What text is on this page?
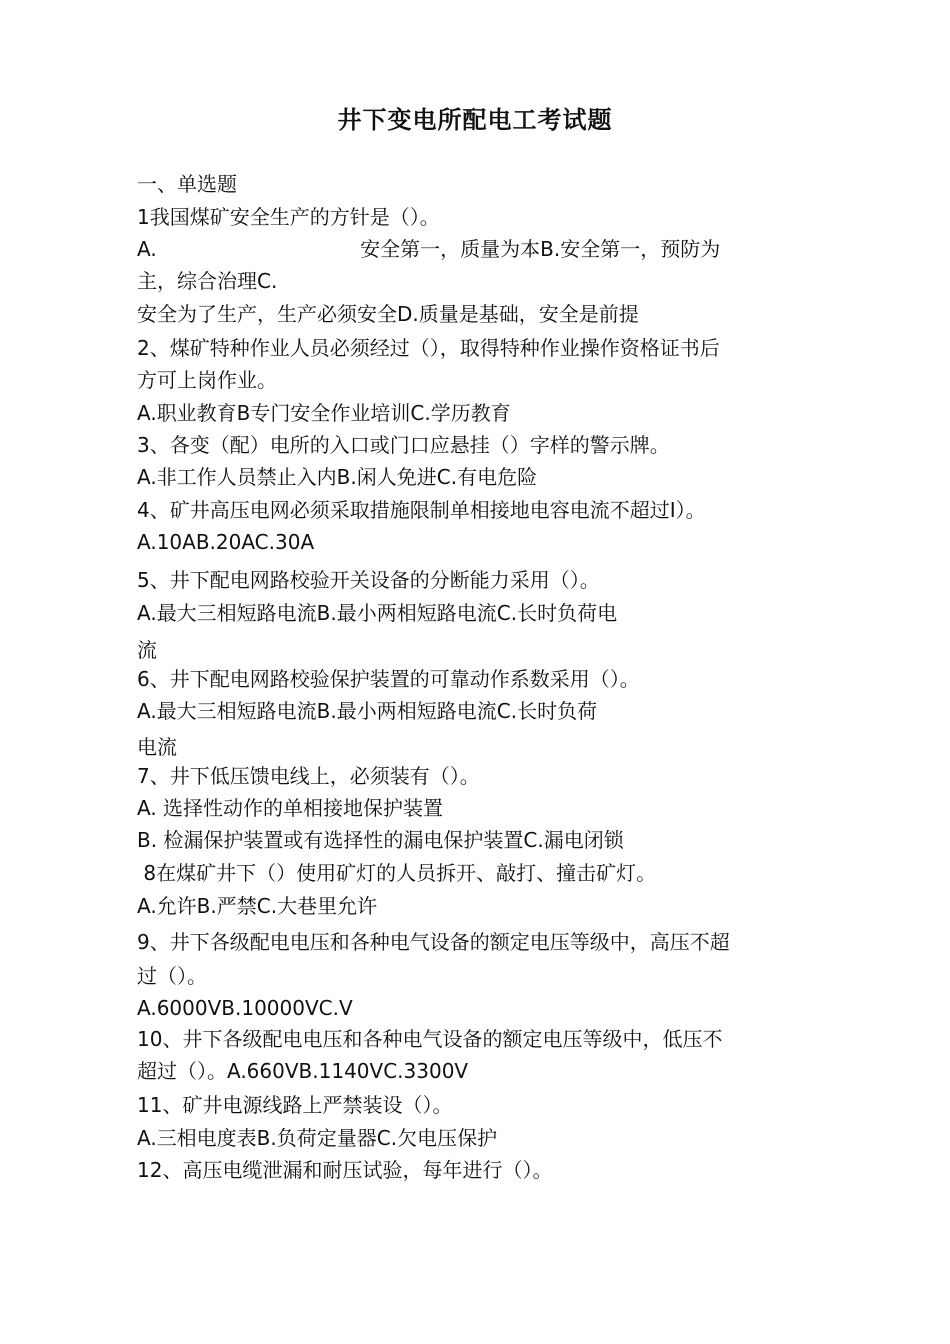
井下变电所配电工考试题
一、单选题
1我国煤矿安全生产的方针是（）。
A.                                安全第一，质量为本B.安全第一，预防为
主，综合治理C.
安全为了生产，生产必须安全D.质量是基础，安全是前提
2、煤矿特种作业人员必须经过（），取得特种作业操作资格证书后
方可上岗作业。
A.职业教育B专门安全作业培训C.学历教育
3、各变（配）电所的入口或门口应悬挂（）字样的警示牌。
A.非工作人员禁止入内B.闲人免进C.有电危险
4、矿井高压电网必须采取措施限制单相接地电容电流不超过I）。
A.10AB.20AC.30A
5、井下配电网路校验开关设备的分断能力采用（）。
A.最大三相短路电流B.最小两相短路电流C.长时负荷电
流
6、井下配电网路校验保护装置的可靠动作系数采用（）。
A.最大三相短路电流B.最小两相短路电流C.长时负荷
电流
7、井下低压馈电线上，必须装有（）。
A. 选择性动作的单相接地保护装置
B. 检漏保护装置或有选择性的漏电保护装置C.漏电闭锁
8在煤矿井下（）使用矿灯的人员拆开、敲打、撞击矿灯。
A.允许B.严禁C.大巷里允许
9、井下各级配电电压和各种电气设备的额定电压等级中，高压不超
过（）。
A.6000VB.10000VC.V
10、井下各级配电电压和各种电气设备的额定电压等级中，低压不
超过（）。A.660VB.1140VC.3300V
11、矿井电源线路上严禁装设（）。
A.三相电度表B.负荷定量器C.欠电压保护
12、高压电缆泄漏和耐压试验，每年进行（）。
